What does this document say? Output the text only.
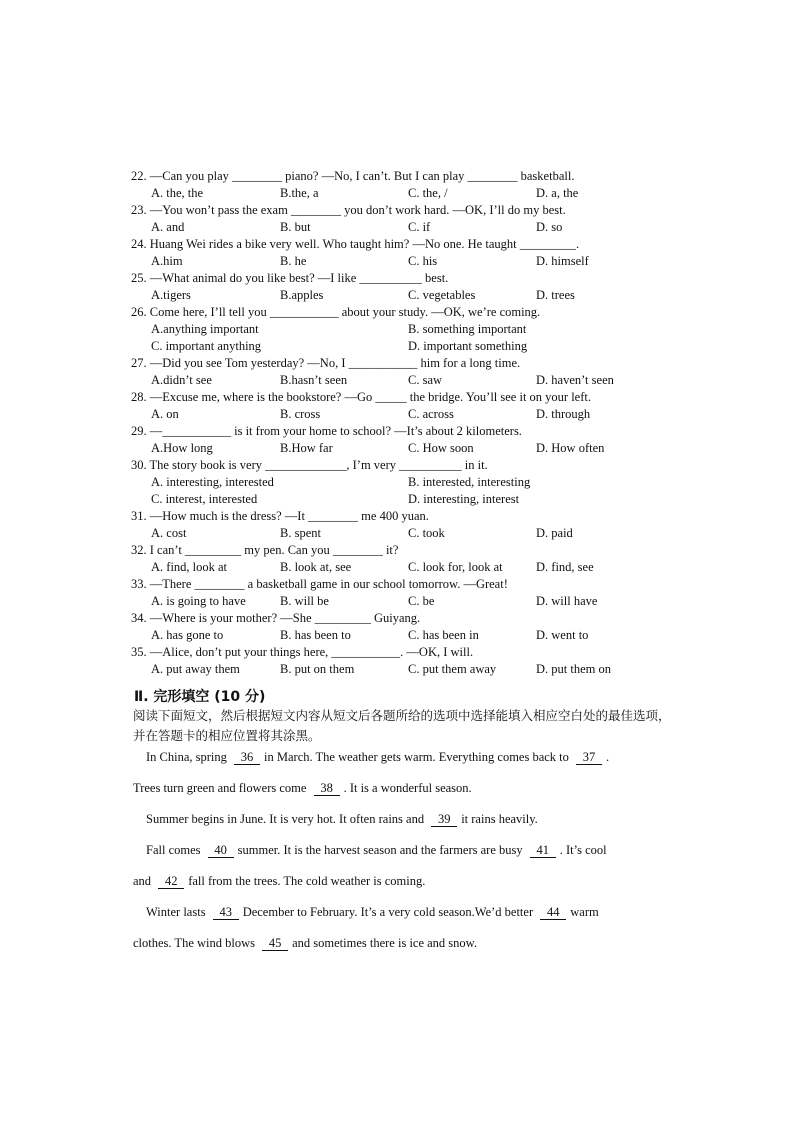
22. —Can you play ________ piano? —No, I can’t. But I can play ________ basketball.
A. the, the	B.the, a	C. the, /	D. a, the
23. —You won’t pass the exam ________ you don’t work hard. —OK, I’ll do my best.
A. and	B. but	C. if	D. so
24. Huang Wei rides a bike very well. Who taught him? —No one. He taught _________.
A.him	B. he	C. his	D. himself
25. —What animal do you like best? —I like __________ best.
A.tigers	B.apples	C. vegetables	D. trees
26. Come here, I’ll tell you ___________ about your study. —OK, we’re coming.
A.anything important	B. something important
C. important anything	D. important something
27. —Did you see Tom yesterday? —No, I ___________ him for a long time.
A.didn’t see	B.hasn’t seen	C. saw	D. haven’t seen
28. —Excuse me, where is the bookstore? —Go _____ the bridge. You’ll see it on your left.
A. on	B. cross	C. across	D. through
29. —___________ is it from your home to school? —It’s about 2 kilometers.
A.How long	B.How far	C. How soon	D. How often
30. The story book is very _____________, I’m very __________ in it.
A. interesting, interested	B. interested, interesting
C. interest, interested	D. interesting, interest
31. —How much is the dress? —It ________ me 400 yuan.
A. cost	B. spent	C. took	D. paid
32. I can’t _________ my pen. Can you ________ it?
A. find, look at	B. look at, see	C. look for, look at	D. find, see
33. —There ________ a basketball game in our school tomorrow. —Great!
A. is going to have	B. will be	C. be	D. will have
34. —Where is your mother? —She _________ Guiyang.
A. has gone to	B. has been to	C. has been in	D. went to
35. —Alice, don’t put your things here, ___________. —OK, I will.
A. put away them	B. put on them	C. put them away	D. put them on
Ⅱ. 完形填空 (10 分)
阅读下面短文，然后根据短文内容从短文后各题所给的选项中选择能填入相应空白处的最佳选项，并在答题卡的相应位置将其涂黑。
In China, spring 36 in March. The weather gets warm. Everything comes back to 37 .
Trees turn green and flowers come 38 . It is a wonderful season.
Summer begins in June. It is very hot. It often rains and 39 it rains heavily.
Fall comes 40 summer. It is the harvest season and the farmers are busy 41 . It’s cool
and 42 fall from the trees. The cold weather is coming.
Winter lasts 43 December to February. It’s a very cold season.We’d better 44 warm
clothes. The wind blows 45 and sometimes there is ice and snow.
